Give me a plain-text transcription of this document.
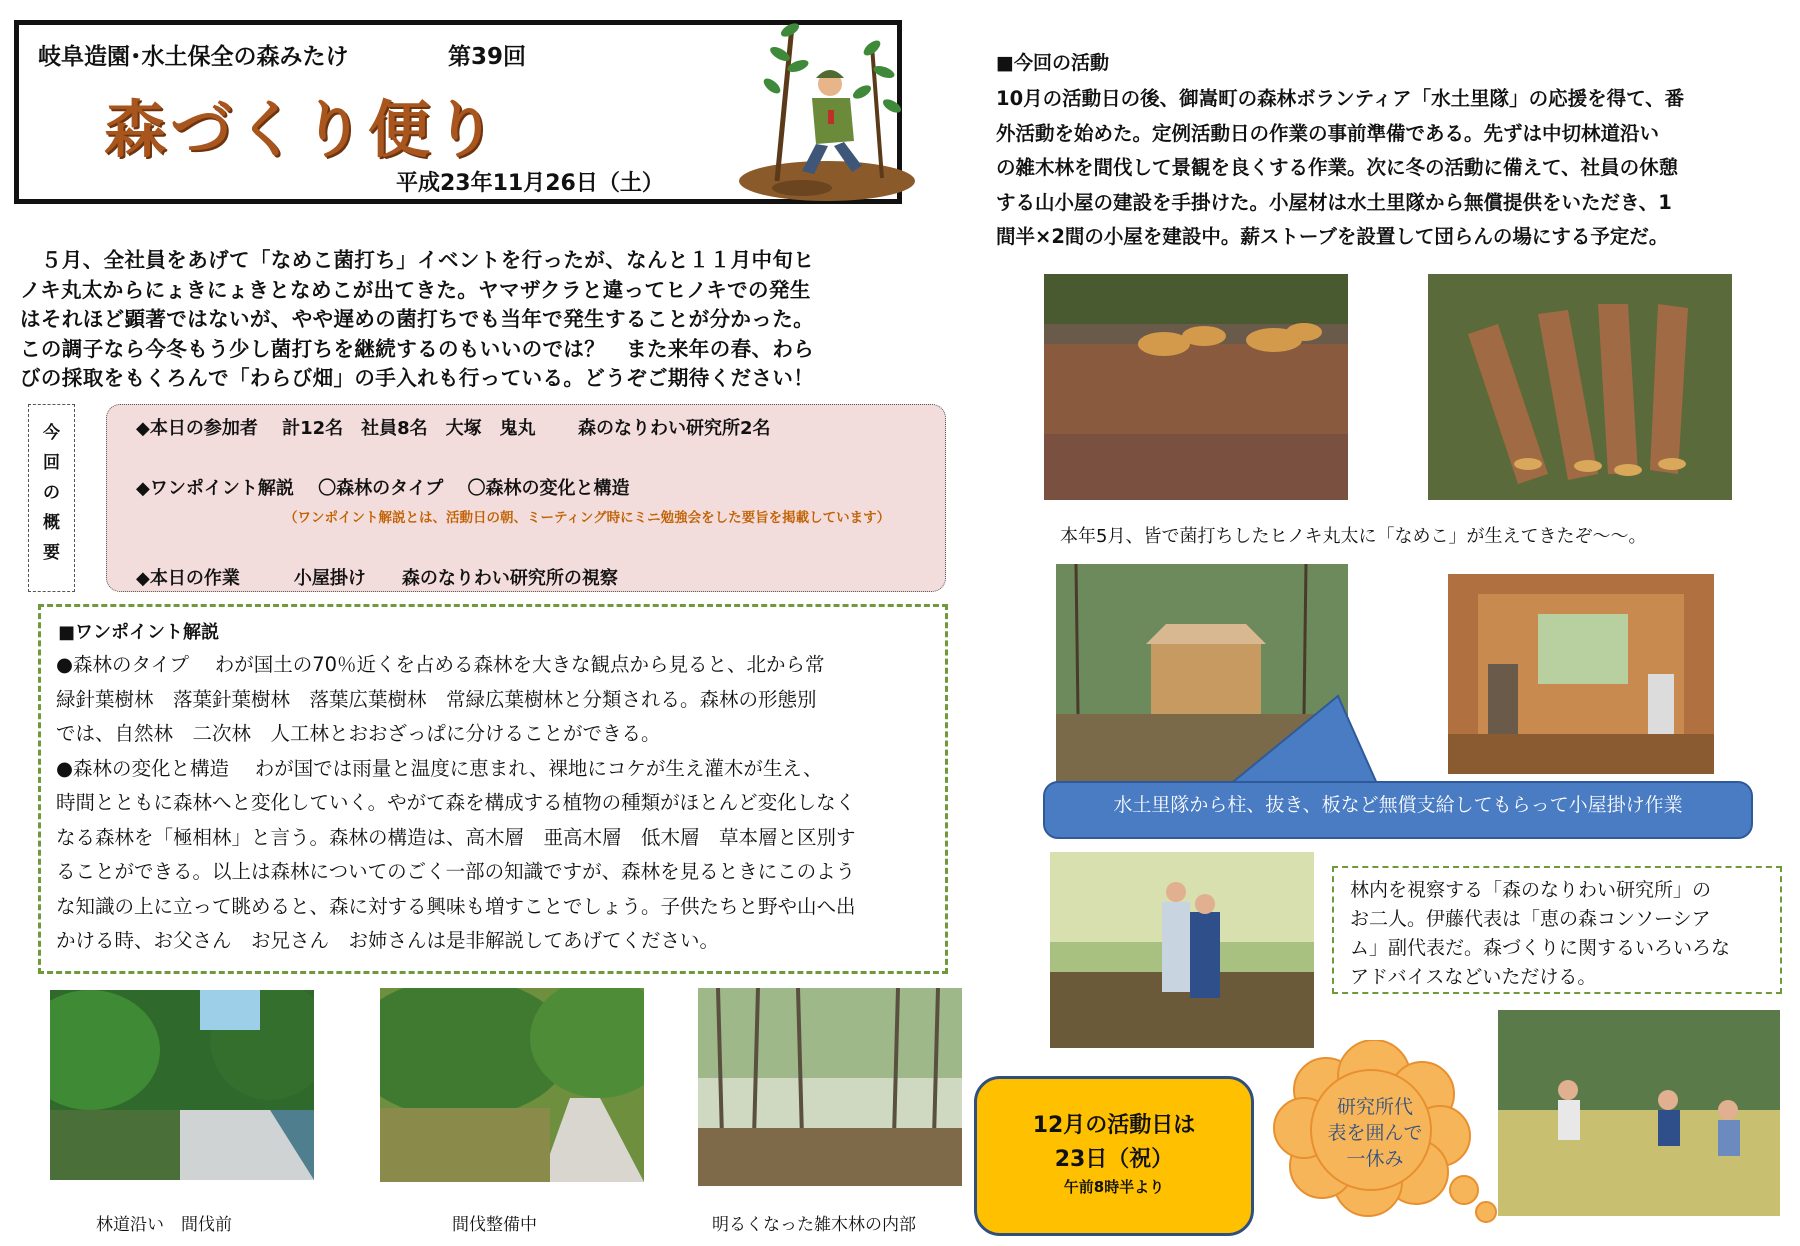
岐阜造園･水土保全の森みたけ	第39回
森づくり便り
平成23年11月26日（土）
　５月、全社員をあげて「なめこ菌打ち」イベントを行ったが、なんと１１月中旬ヒ
ノキ丸太からにょきにょきとなめこが出てきた。ヤマザクラと違ってヒノキでの発生
はそれほど顕著ではないが、やや遅めの菌打ちでも当年で発生することが分かった。
この調子なら今冬もう少し菌打ちを継続するのもいいのでは？　また来年の春、わら
びの採取をもくろんで「わらび畑」の手入れも行っている。どうぞご期待ください！
今
回
の
概
要
◆本日の参加者　 計12名　社員8名　大塚　鬼丸　　 森のなりわい研究所2名
◆ワンポイント解説　 〇森林のタイプ　 〇森林の変化と構造
（ワンポイント解説とは、活動日の朝、ミーティング時にミニ勉強会をした要旨を掲載しています）
◆本日の作業　　　小屋掛け　　森のなりわい研究所の視察
■ワンポイント解説
●森林のタイプ　 わが国土の70％近くを占める森林を大きな観点から見ると、北から常
緑針葉樹林　落葉針葉樹林　落葉広葉樹林　常緑広葉樹林と分類される。森林の形態別
では、自然林　二次林　人工林とおおざっぱに分けることができる。
●森林の変化と構造　 わが国では雨量と温度に恵まれ、裸地にコケが生え灌木が生え、
時間とともに森林へと変化していく。やがて森を構成する植物の種類がほとんど変化しなく
なる森林を「極相林」と言う。森林の構造は、高木層　亜高木層　低木層　草本層と区別す
ることができる。以上は森林についてのごく一部の知識ですが、森林を見るときにこのよう
な知識の上に立って眺めると、森に対する興味も増すことでしょう。子供たちと野や山へ出
かける時、お父さん　お兄さん　お姉さんは是非解説してあげてください。
林道沿い　間伐前	間伐整備中	明るくなった雑木林の内部
■今回の活動
10月の活動日の後、御嵩町の森林ボランティア「水土里隊」の応援を得て、番
外活動を始めた。定例活動日の作業の事前準備である。先ずは中切林道沿い
の雑木林を間伐して景観を良くする作業。次に冬の活動に備えて、社員の休憩
する山小屋の建設を手掛けた。小屋材は水土里隊から無償提供をいただき、1
間半×2間の小屋を建設中。薪ストーブを設置して団らんの場にする予定だ。
本年5月、皆で菌打ちしたヒノキ丸太に「なめこ」が生えてきたぞ～～。
水土里隊から柱、抜き、板など無償支給してもらって小屋掛け作業
林内を視察する「森のなりわい研究所」の
お二人。伊藤代表は「恵の森コンソーシア
ム」副代表だ。森づくりに関するいろいろな
アドバイスなどいただける。
12月の活動日は
23日（祝）
午前8時半より
研究所代
表を囲んで
一休み
